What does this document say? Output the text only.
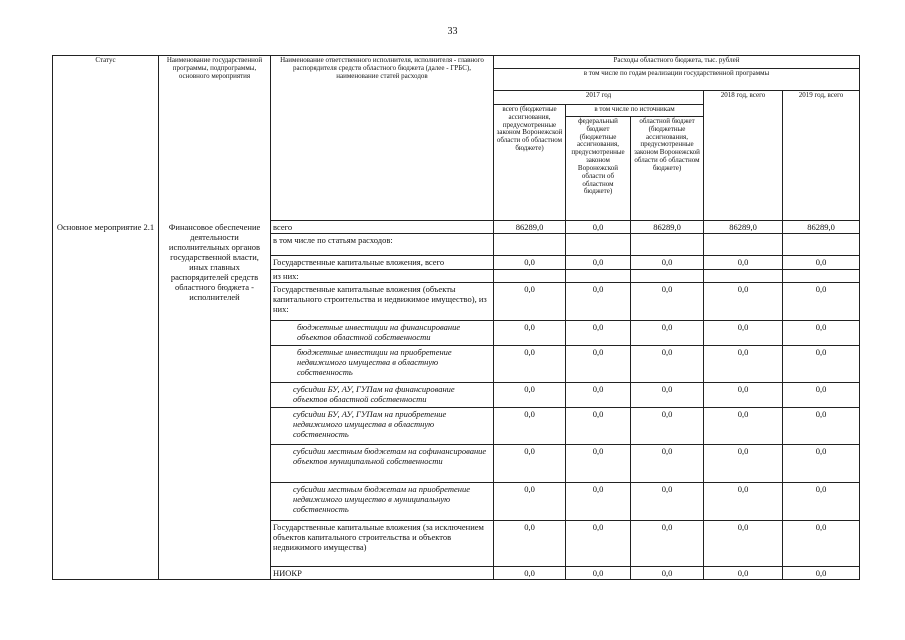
33
Статус	Наименование государственной программы, подпрограммы, основного мероприятия	Наименование ответственного исполнителя, исполнителя - главного распорядителя средств областного бюджета (далее - ГРБС), наименование статей расходов	Расходы областного бюджета, тыс. рублей				
			в том числе по годам реализации государственной программы				
			2017 год			2018 год, всего	2019 год, всего
			всего (бюджетные ассигнования, предусмотренные законом Воронежской области об областном бюджете)	в том числе по источникам			
				федеральный бюджет (бюджетные ассигнования, предусмотренные законом Воронежской области об областном бюджете)	областной бюджет (бюджетные ассигнования, предусмотренные законом Воронежской области об областном бюджете)		
Основное мероприятие 2.1	Финансовое обеспечение деятельности исполнительных органов государственной власти, иных главных распорядителей средств областного бюджета - исполнителей	всего	86289,0	0,0	86289,0	86289,0	86289,0
		в том числе по статьям расходов:					
		Государственные капитальные вложения, всего	0,0	0,0	0,0	0,0	0,0
		из них:					
		Государственные капитальные вложения (объекты капитального строительства и недвижимое имущество), из них:	0,0	0,0	0,0	0,0	0,0
		бюджетные инвестиции на финансирование объектов областной собственности	0,0	0,0	0,0	0,0	0,0
		бюджетные инвестиции на приобретение недвижимого имущества в областную собственность	0,0	0,0	0,0	0,0	0,0
		субсидии БУ, АУ, ГУПам на финансирование объектов областной собственности	0,0	0,0	0,0	0,0	0,0
		субсидии БУ, АУ, ГУПам на приобретение недвижимого имущества в областную собственность	0,0	0,0	0,0	0,0	0,0
		субсидии местным бюджетам на софинансирование объектов муниципальной собственности	0,0	0,0	0,0	0,0	0,0
		субсидии местным бюджетам на приобретение недвижимого имущество в муниципальную собственность	0,0	0,0	0,0	0,0	0,0
		Государственные капитальные вложения (за исключением объектов капитального строительства и объектов недвижимого имущества)	0,0	0,0	0,0	0,0	0,0
		НИОКР	0,0	0,0	0,0	0,0	0,0
